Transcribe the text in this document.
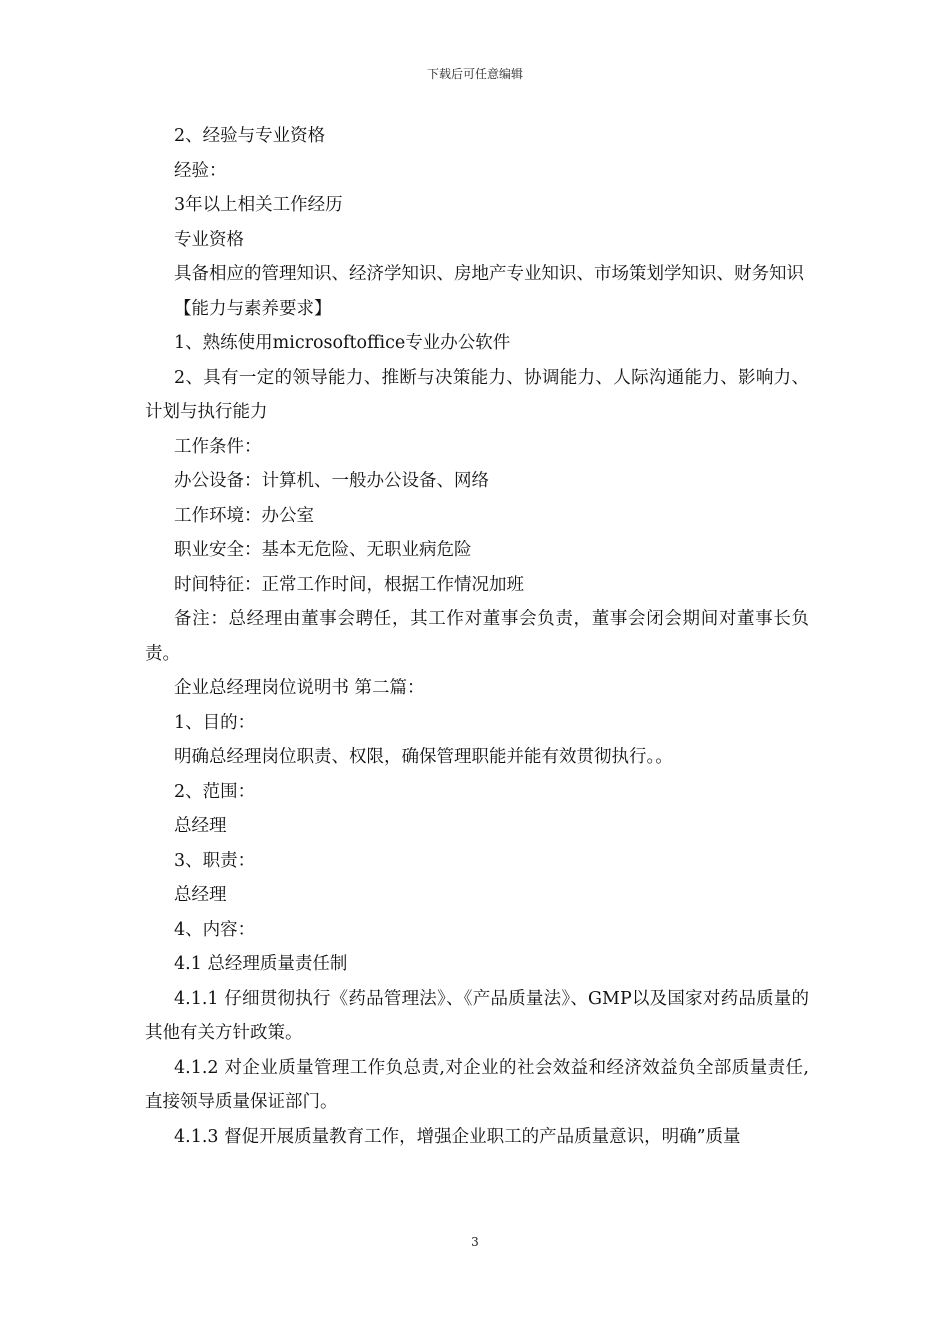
下载后可任意编辑

2、经验与专业资格

经验：

3年以上相关工作经历

专业资格

具备相应的管理知识、经济学知识、房地产专业知识、市场策划学知识、财务知识

【能力与素养要求】

1、熟练使用microsoftoffice专业办公软件

2、具有一定的领导能力、推断与决策能力、协调能力、人际沟通能力、影响力、计划与执行能力

工作条件：

办公设备：计算机、一般办公设备、网络

工作环境：办公室

职业安全：基本无危险、无职业病危险

时间特征：正常工作时间，根据工作情况加班

备注：总经理由董事会聘任，其工作对董事会负责，董事会闭会期间对董事长负责。

企业总经理岗位说明书 第二篇：

1、目的：

明确总经理岗位职责、权限，确保管理职能并能有效贯彻执行。。

2、范围：

总经理

3、职责：

总经理

4、内容：

4.1 总经理质量责任制

4.1.1 仔细贯彻执行《药品管理法》、《产品质量法》、GMP以及国家对药品质量的其他有关方针政策。

4.1.2 对企业质量管理工作负总责,对企业的社会效益和经济效益负全部质量责任,直接领导质量保证部门。

4.1.3 督促开展质量教育工作，增强企业职工的产品质量意识，明确”质量

3
